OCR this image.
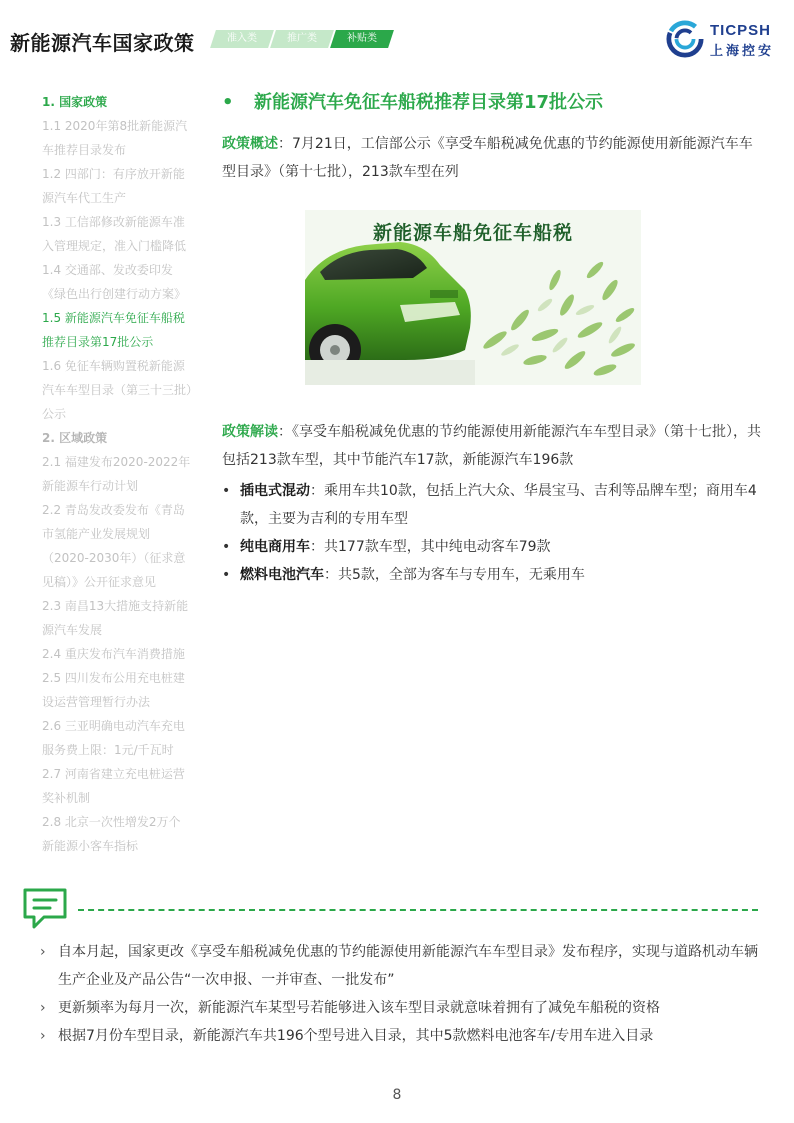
新能源汽车国家政策	准入类	推广类	补贴类	TICPSH
上海控安
1. 国家政策
1.1 2020年第8批新能源汽
车推荐目录发布
1.2 四部门：有序放开新能
源汽车代工生产
1.3 工信部修改新能源车准
入管理规定，准入门槛降低
1.4 交通部、发改委印发
《绿色出行创建行动方案》
1.5 新能源汽车免征车船税
推荐目录第17批公示
1.6 免征车辆购置税新能源
汽车车型目录（第三十三批）
公示
2. 区域政策
2.1 福建发布2020-2022年
新能源车行动计划
2.2 青岛发改委发布《青岛
市氢能产业发展规划
（2020-2030年）（征求意
见稿）》公开征求意见
2.3 南昌13大措施支持新能
源汽车发展
2.4 重庆发布汽车消费措施
2.5 四川发布公用充电桩建
设运营管理暂行办法
2.6 三亚明确电动汽车充电
服务费上限：1元/千瓦时
2.7 河南省建立充电桩运营
奖补机制
2.8 北京一次性增发2万个
新能源小客车指标
• 新能源汽车免征车船税推荐目录第17批公示
政策概述：7月21日，工信部公示《享受车船税减免优惠的节约能源使用新能源汽车车型目录》（第十七批），213款车型在列
新能源车船免征车船税
政策解读：《享受车船税减免优惠的节约能源使用新能源汽车车型目录》（第十七批），共包括213款车型，其中节能汽车17款，新能源汽车196款
• 插电式混动：乘用车共10款，包括上汽大众、华晨宝马、吉利等品牌车型；商用车4款，主要为吉利的专用车型
• 纯电商用车：共177款车型，其中纯电动客车79款
• 燃料电池汽车：共5款，全部为客车与专用车，无乘用车
› 自本月起，国家更改《享受车船税减免优惠的节约能源使用新能源汽车车型目录》发布程序，实现与道路机动车辆生产企业及产品公告“一次申报、一并审查、一批发布”
› 更新频率为每月一次，新能源汽车某型号若能够进入该车型目录就意味着拥有了减免车船税的资格
› 根据7月份车型目录，新能源汽车共196个型号进入目录，其中5款燃料电池客车/专用车进入目录
8
